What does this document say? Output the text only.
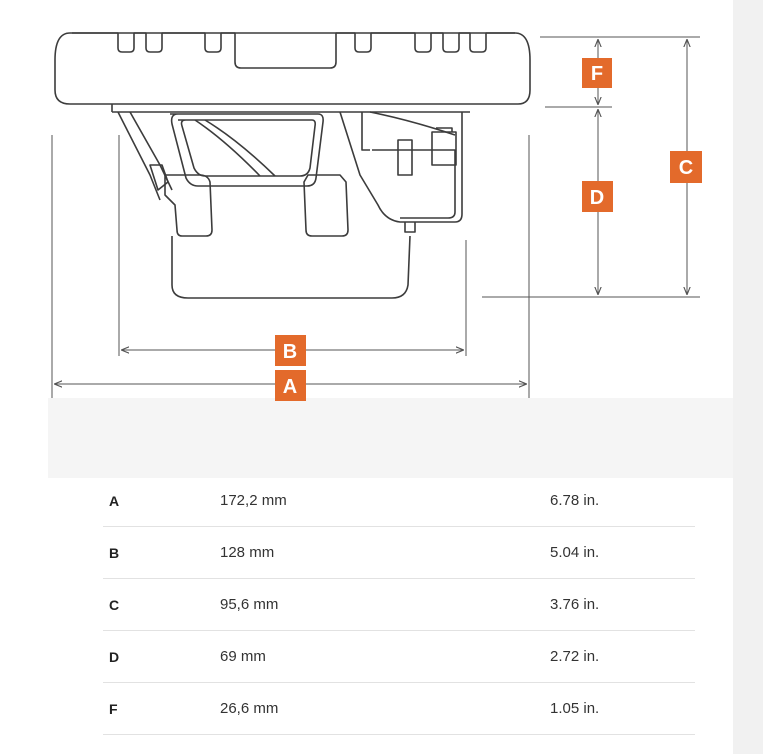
F
C
D
B
A
A	172,2 mm	6.78 in.
B	128 mm	5.04 in.
C	95,6 mm	3.76 in.
D	69 mm	2.72 in.
F	26,6 mm	1.05 in.
